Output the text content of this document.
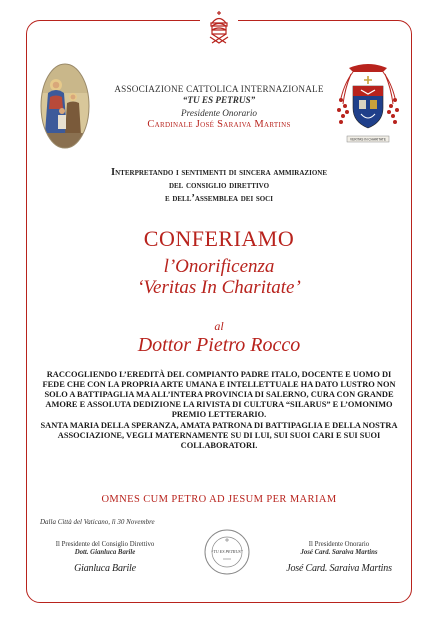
ASSOCIAZIONE CATTOLICA INTERNAZIONALE
“TU ES PETRUS”
Presidente Onorario
Cardinale José Saraiva Martins
VERITAS IN CHARITATE
Interpretando i sentimenti di sincera ammirazione
del consiglio direttivo
e dell’assemblea dei soci
CONFERIAMO
l’Onorificenza
‘Veritas In Charitate’
al
Dottor Pietro Rocco
RACCOGLIENDO L’EREDITÀ DEL COMPIANTO PADRE ITALO, DOCENTE E UOMO DI FEDE CHE CON LA PROPRIA ARTE UMANA E INTELLETTUALE HA DATO LUSTRO NON SOLO A BATTIPAGLIA MA ALL’INTERA PROVINCIA DI SALERNO, CURA CON GRANDE AMORE E ASSOLUTA DEDIZIONE LA RIVISTA DI CULTURA “SILARUS” E L’OMONIMO PREMIO LETTERARIO.
SANTA MARIA DELLA SPERANZA, AMATA PATRONA DI BATTIPAGLIA E DELLA NOSTRA ASSOCIAZIONE, VEGLI MATERNAMENTE SU DI LUI, SUI SUOI CARI E SUI SUOI COLLABORATORI.
OMNES CUM PETRO AD JESUM PER MARIAM
Dalla Città del Vaticano, lì 30 Novembre
Il Presidente del Consiglio Direttivo
Dott. Gianluca Barile
Gianluca Barile
“TU ES PETRUS”
Il Presidente Onorario
José Card. Saraiva Martins
José Card. Saraiva Martins
